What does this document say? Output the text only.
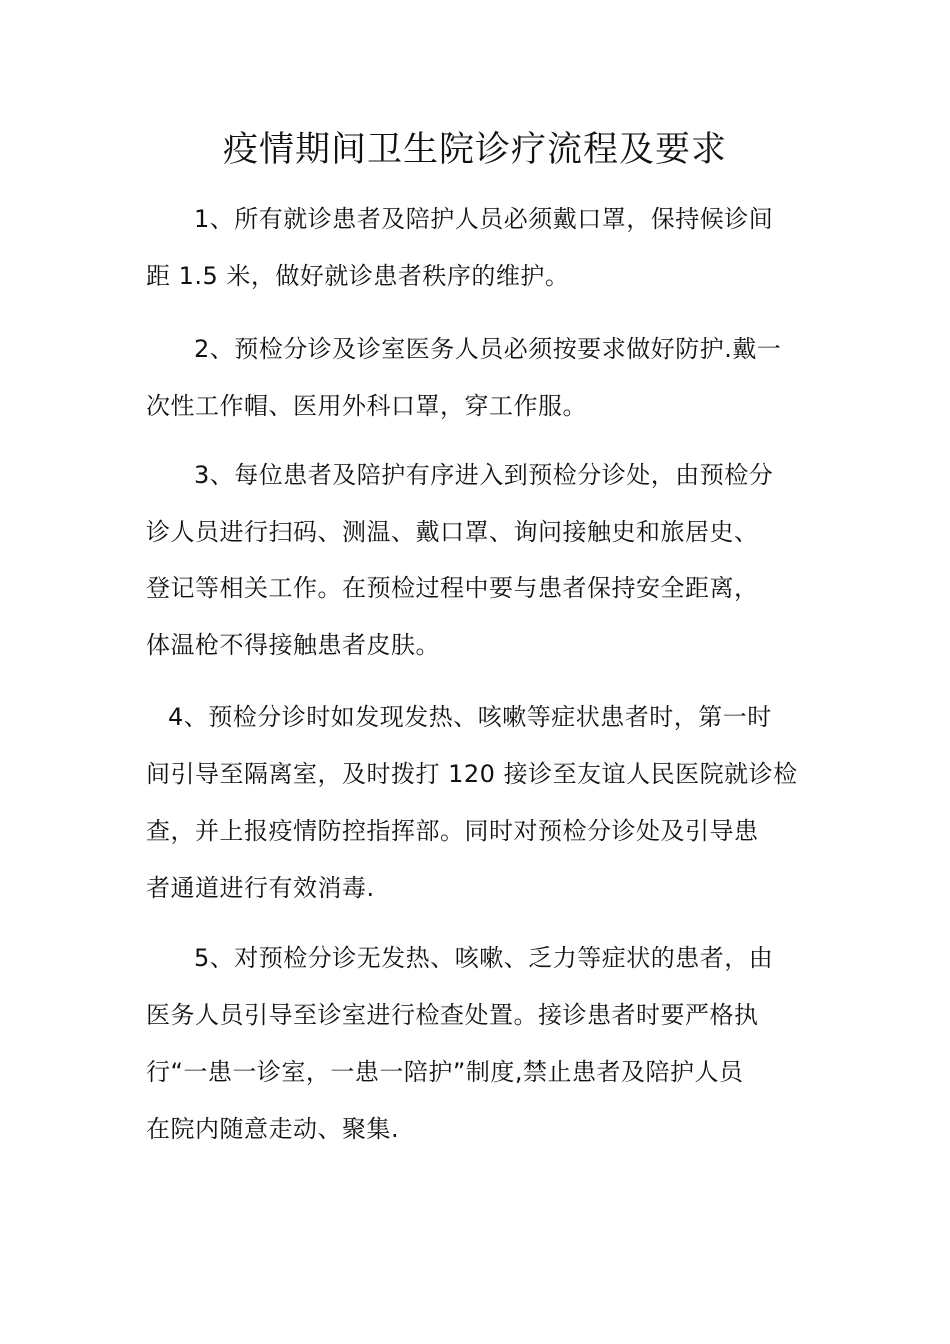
疫情期间卫生院诊疗流程及要求

1、所有就诊患者及陪护人员必须戴口罩，保持候诊间

距 1.5 米，做好就诊患者秩序的维护。

2、预检分诊及诊室医务人员必须按要求做好防护.戴一

次性工作帽、医用外科口罩，穿工作服。

3、每位患者及陪护有序进入到预检分诊处，由预检分

诊人员进行扫码、测温、戴口罩、询问接触史和旅居史、

登记等相关工作。在预检过程中要与患者保持安全距离，

体温枪不得接触患者皮肤。

4、预检分诊时如发现发热、咳嗽等症状患者时，第一时

间引导至隔离室，及时拨打 120 接诊至友谊人民医院就诊检

查，并上报疫情防控指挥部。同时对预检分诊处及引导患

者通道进行有效消毒.

5、对预检分诊无发热、咳嗽、乏力等症状的患者，由

医务人员引导至诊室进行检查处置。接诊患者时要严格执

行“一患一诊室，一患一陪护”制度,禁止患者及陪护人员

在院内随意走动、聚集.
